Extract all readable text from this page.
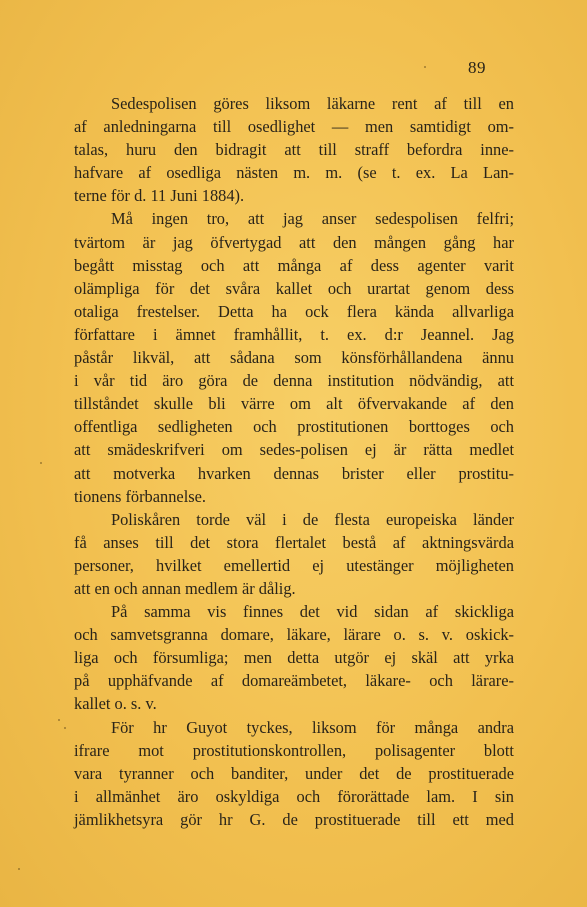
89
Sedespolisen göres liksom läkarne rent af till en
af anledningarna till osedlighet — men samtidigt om-
talas, huru den bidragit att till straff befordra inne-
hafvare af osedliga nästen m. m. (se t. ex. La Lan-
terne för d. 11 Juni 1884).
Må ingen tro, att jag anser sedespolisen felfri;
tvärtom är jag öfvertygad att den mången gång har
begått misstag och att många af dess agenter varit
olämpliga för det svåra kallet och urartat genom dess
otaliga frestelser. Detta ha ock flera kända allvarliga
författare i ämnet framhållit, t. ex. d:r Jeannel. Jag
påstår likväl, att sådana som könsförhållandena ännu
i vår tid äro göra de denna institution nödvändig, att
tillståndet skulle bli värre om alt öfvervakande af den
offentliga sedligheten och prostitutionen borttoges och
att smädeskrifveri om sedes-polisen ej är rätta medlet
att motverka hvarken dennas brister eller prostitu-
tionens förbannelse.
Poliskåren torde väl i de flesta europeiska länder
få anses till det stora flertalet bestå af aktningsvärda
personer, hvilket emellertid ej utestänger möjligheten
att en och annan medlem är dålig.
På samma vis finnes det vid sidan af skickliga
och samvetsgranna domare, läkare, lärare o. s. v. oskick-
liga och försumliga; men detta utgör ej skäl att yrka
på upphäfvande af domareämbetet, läkare- och lärare-
kallet o. s. v.
För hr Guyot tyckes, liksom för många andra
ifrare mot prostitutionskontrollen, polisagenter blott
vara tyranner och banditer, under det de prostituerade
i allmänhet äro oskyldiga och förorättade lam. I sin
jämlikhetsyra gör hr G. de prostituerade till ett med
